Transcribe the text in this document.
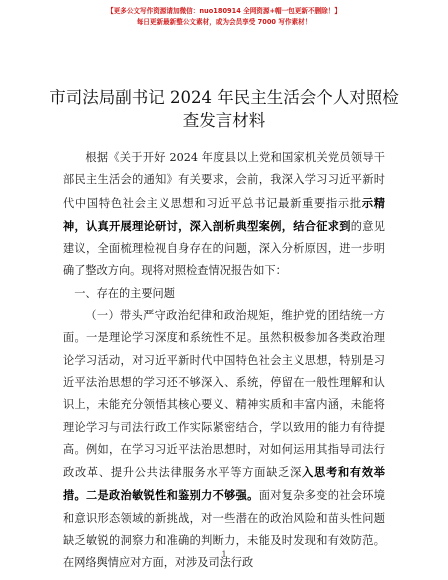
【更多公文写作资源请加微信：nuo180914 全网资源+帽一包更新不删除！】
每日更新最新整公文素材，或为会员享受 7000 写作素材！
市司法局副书记 2024 年民主生活会个人对照检
查发言材料

根据《关于开好 2024 年度县以上党和国家机关党员领导干部民主生活会的通知》有关要求，会前，我深入学习习近平新时代中国特色社会主义思想和习近平总书记最新重要指示批示精神，认真开展理论研讨，深入剖析典型案例，结合征求到的意见建议，全面梳理检视自身存在的问题，深入分析原因，进一步明确了整改方向。现将对照检查情况报告如下：

一、存在的主要问题

（一）带头严守政治纪律和政治规矩，维护党的团结统一方面。一是理论学习深度和系统性不足。虽然积极参加各类政治理论学习活动，对习近平新时代中国特色社会主义思想，特别是习近平法治思想的学习还不够深入、系统，停留在一般性理解和认识上，未能充分领悟其核心要义、精神实质和丰富内涵，未能将理论学习与司法行政工作实际紧密结合，学以致用的能力有待提高。例如，在学习习近平法治思想时，对如何运用其指导司法行政改革、提升公共法律服务水平等方面缺乏深入思考和有效举措。二是政治敏锐性和鉴别力不够强。面对复杂多变的社会环境和意识形态领域的新挑战，对一些潜在的政治风险和苗头性问题缺乏敏锐的洞察力和准确的判断力，未能及时发现和有效防范。在网络舆情应对方面，对涉及司法行政

1
